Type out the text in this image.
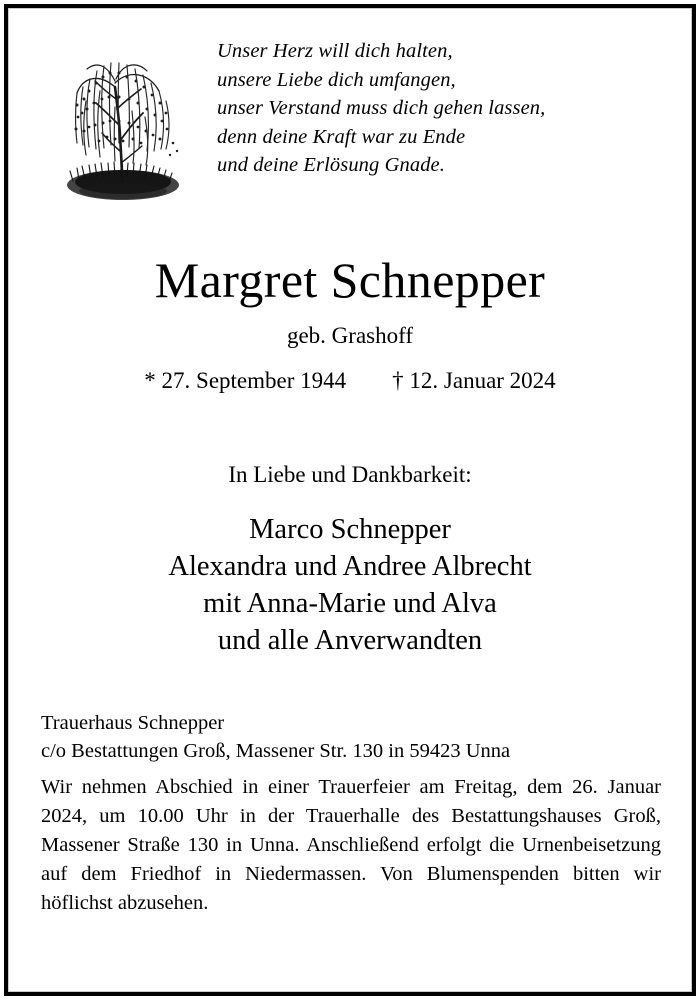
Unser Herz will dich halten,
unsere Liebe dich umfangen,
unser Verstand muss dich gehen lassen,
denn deine Kraft war zu Ende
und deine Erlösung Gnade.
Margret Schnepper
geb. Grashoff
* 27. September 1944 † 12. Januar 2024
In Liebe und Dankbarkeit:
Marco Schnepper
Alexandra und Andree Albrecht
mit Anna-Marie und Alva
und alle Anverwandten
Trauerhaus Schnepper
c/o Bestattungen Groß, Massener Str. 130 in 59423 Unna
Wir nehmen Abschied in einer Trauerfeier am Freitag, dem 26. Januar 2024, um 10.00 Uhr in der Trauerhalle des Bestattungshauses Groß, Massener Straße 130 in Unna. Anschließend erfolgt die Urnenbeisetzung auf dem Friedhof in Niedermassen. Von Blumenspenden bitten wir höflichst abzusehen.
